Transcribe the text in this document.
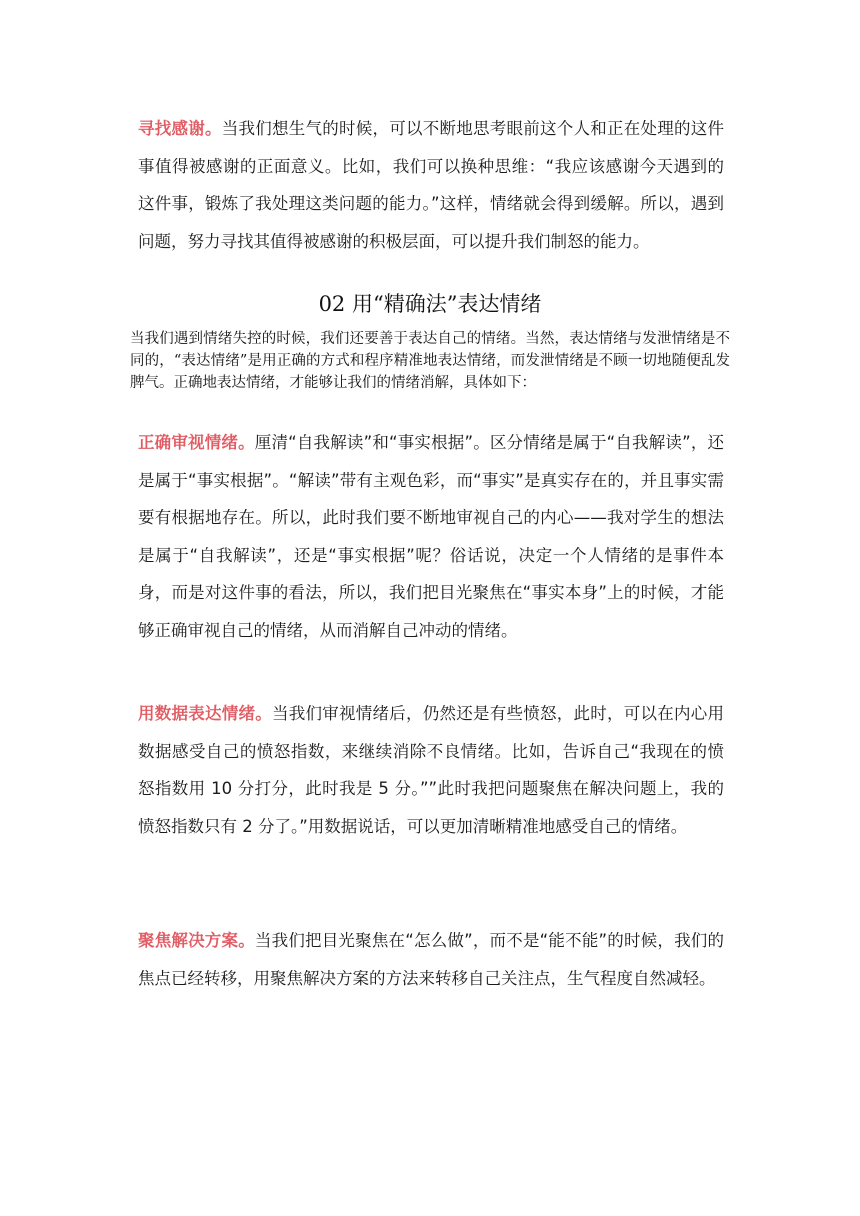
寻找感谢。当我们想生气的时候，可以不断地思考眼前这个人和正在处理的这件事值得被感谢的正面意义。比如，我们可以换种思维：“我应该感谢今天遇到的这件事，锻炼了我处理这类问题的能力。”这样，情绪就会得到缓解。所以，遇到问题，努力寻找其值得被感谢的积极层面，可以提升我们制怒的能力。

02 用“精确法”表达情绪

当我们遇到情绪失控的时候，我们还要善于表达自己的情绪。当然，表达情绪与发泄情绪是不同的，“表达情绪”是用正确的方式和程序精准地表达情绪，而发泄情绪是不顾一切地随便乱发脾气。正确地表达情绪，才能够让我们的情绪消解，具体如下：

正确审视情绪。厘清“自我解读”和“事实根据”。区分情绪是属于“自我解读”，还是属于“事实根据”。“解读”带有主观色彩，而“事实”是真实存在的，并且事实需要有根据地存在。所以，此时我们要不断地审视自己的内心——我对学生的想法是属于“自我解读”，还是“事实根据”呢？俗话说，决定一个人情绪的是事件本身，而是对这件事的看法，所以，我们把目光聚焦在“事实本身”上的时候，才能够正确审视自己的情绪，从而消解自己冲动的情绪。

用数据表达情绪。当我们审视情绪后，仍然还是有些愤怒，此时，可以在内心用数据感受自己的愤怒指数，来继续消除不良情绪。比如，告诉自己“我现在的愤怒指数用 10 分打分，此时我是 5 分。””此时我把问题聚焦在解决问题上，我的愤怒指数只有 2 分了。”用数据说话，可以更加清晰精准地感受自己的情绪。

聚焦解决方案。当我们把目光聚焦在“怎么做”，而不是“能不能”的时候，我们的焦点已经转移，用聚焦解决方案的方法来转移自己关注点，生气程度自然减轻。
